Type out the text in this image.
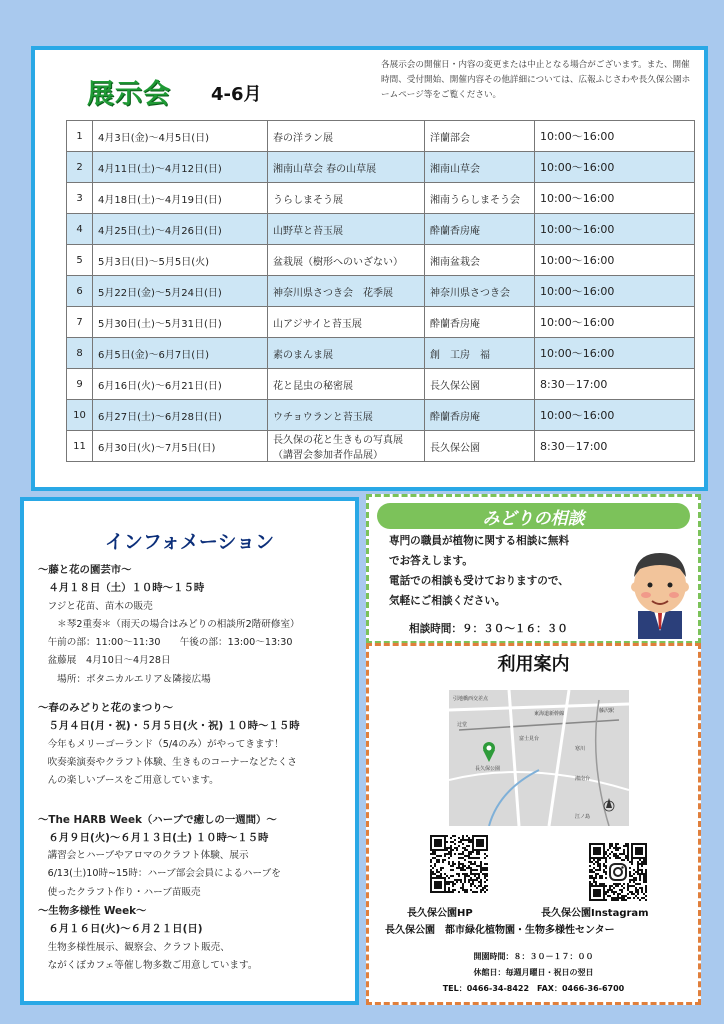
展示会 4-6月
各展示会の開催日・内容の変更または中止となる場合がございます。また、開催時間、受付開始、開催内容その他詳細については、広報ふじさわや長久保公園ホームページ等をご覧ください。
1	4月3日(金)～4月5日(日)	春の洋ラン展	洋蘭部会	10:00～16:00
2	4月11日(土)～4月12日(日)	湘南山草会 春の山草展	湘南山草会	10:00～16:00
3	4月18日(土)～4月19日(日)	うらしまそう展	湘南うらしまそう会	10:00～16:00
4	4月25日(土)～4月26日(日)	山野草と苔玉展	酔蘭香房庵	10:00～16:00
5	5月3日(日)～5月5日(火)	盆栽展（樹形へのいざない）	湘南盆栽会	10:00～16:00
6	5月22日(金)～5月24日(日)	神奈川県さつき会　花季展	神奈川県さつき会	10:00～16:00
7	5月30日(土)～5月31日(日)	山アジサイと苔玉展	酔蘭香房庵	10:00～16:00
8	6月5日(金)～6月7日(日)	素のまんま展	創　工房　福	10:00～16:00
9	6月16日(火)～6月21日(日)	花と昆虫の秘密展	長久保公園	8:30－17:00
10	6月27日(土)～6月28日(日)	ウチョウランと苔玉展	酔蘭香房庵	10:00～16:00
11	6月30日(火)～7月5日(日)	長久保の花と生きもの写真展（講習会参加者作品展）	長久保公園	8:30－17:00
インフォメーション
～藤と花の園芸市～
　４月１８日（土）１０時～１５時
　フジと花苗、苗木の販売
　　＊琴2重奏＊（雨天の場合はみどりの相談所2階研修室）
　午前の部：11:00～11:30　　午後の部：13:00～13:30
　盆藤展　4月10日～4月28日
　　場所：ボタニカルエリア＆隣接広場
～春のみどりと花のまつり～
　５月４日(月・祝)・５月５日(火・祝) １０時～１５時
　今年もメリーゴーランド（5/4のみ）がやってきます！
　吹奏楽演奏やクラフト体験、生きものコーナーなどたくさ
　んの楽しいブースをご用意しています。
～The HARB Week（ハーブで癒しの一週間）～
　６月９日(火)～６月１３日(土) １０時～１５時
　講習会とハーブやアロマのクラフト体験、展示
　6/13(土)10時~15時：ハーブ部会会員によるハーブを
　使ったクラフト作り・ハーブ苗販売
～生物多様性 Week～
　６月１６日(火)～６月２１日(日)
　生物多様性展示、観察会、クラフト販売、
　ながくぼカフェ等催し物多数ご用意しています。
みどりの相談
専門の職員が植物に関する相談に無料
でお答えします。
電話での相談も受けておりますので、
気軽にご相談ください。
相談時間：９：３０～１６：３０
利用案内
引地橋西交差点
東海道新幹線	藤沢駅
辻堂
長久保公園
富士見台
寒川
江ノ島
湘南台
長久保公園HP	長久保公園Instagram
長久保公園　都市緑化植物園・生物多様性センター
開園時間：８：３０－１７：００
休館日：毎週月曜日・祝日の翌日
TEL：0466-34-8422　FAX：0466-36-6700
